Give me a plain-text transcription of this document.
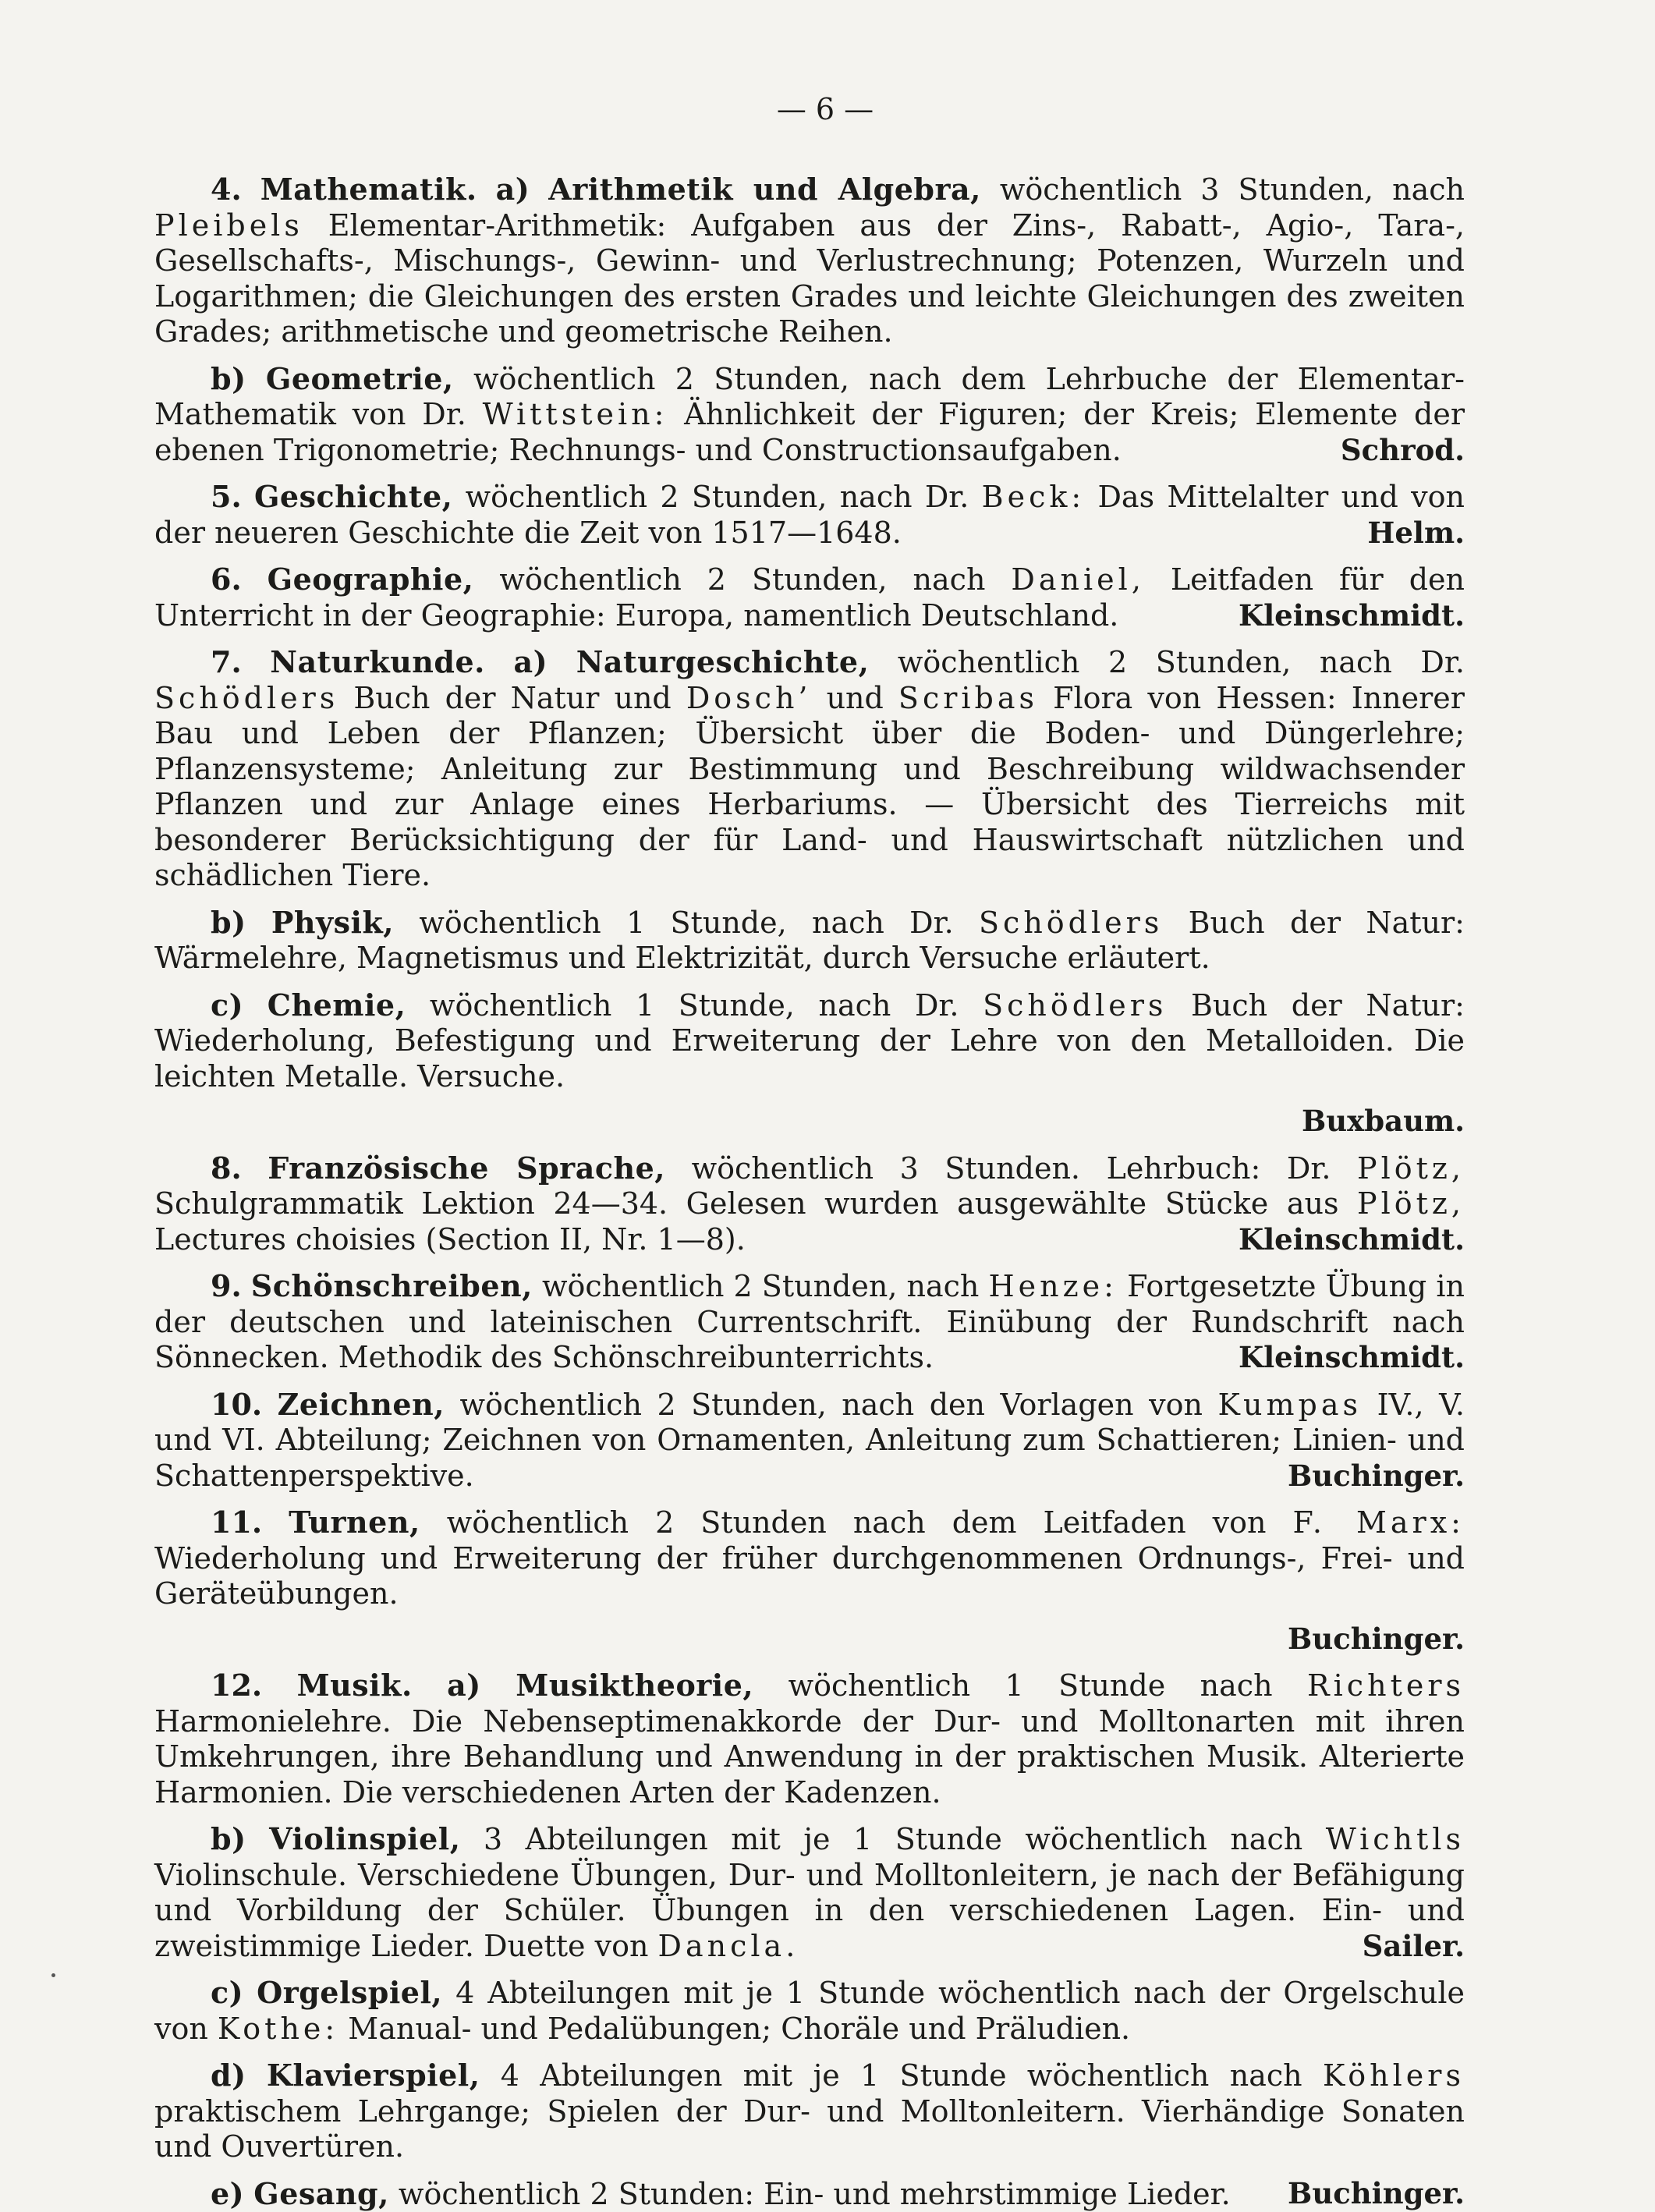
— 6 —

4. Mathematik. a) Arithmetik und Algebra, wöchentlich 3 Stunden, nach Pleibels Elementar-Arithmetik: Aufgaben aus der Zins-, Rabatt-, Agio-, Tara-, Gesellschafts-, Mischungs-, Gewinn- und Verlustrechnung; Potenzen, Wurzeln und Logarithmen; die Gleichungen des ersten Grades und leichte Gleichungen des zweiten Grades; arithmetische und geometrische Reihen.

b) Geometrie, wöchentlich 2 Stunden, nach dem Lehrbuche der Elementar-Mathematik von Dr. Wittstein: Ähnlichkeit der Figuren; der Kreis; Elemente der ebenen Trigonometrie; Rechnungs- und Constructionsaufgaben.	Schrod.

5. Geschichte, wöchentlich 2 Stunden, nach Dr. Beck: Das Mittelalter und von der neueren Geschichte die Zeit von 1517—1648.	Helm.

6. Geographie, wöchentlich 2 Stunden, nach Daniel, Leitfaden für den Unterricht in der Geographie: Europa, namentlich Deutschland.	Kleinschmidt.

7. Naturkunde. a) Naturgeschichte, wöchentlich 2 Stunden, nach Dr. Schödlers Buch der Natur und Dosch’ und Scribas Flora von Hessen: Innerer Bau und Leben der Pflanzen; Übersicht über die Boden- und Düngerlehre; Pflanzensysteme; Anleitung zur Bestimmung und Beschreibung wildwachsender Pflanzen und zur Anlage eines Herbariums. — Übersicht des Tierreichs mit besonderer Berücksichtigung der für Land- und Hauswirtschaft nützlichen und schädlichen Tiere.

b) Physik, wöchentlich 1 Stunde, nach Dr. Schödlers Buch der Natur: Wärmelehre, Magnetismus und Elektrizität, durch Versuche erläutert.

c) Chemie, wöchentlich 1 Stunde, nach Dr. Schödlers Buch der Natur: Wiederholung, Befestigung und Erweiterung der Lehre von den Metalloiden. Die leichten Metalle. Versuche.

Buxbaum.

8. Französische Sprache, wöchentlich 3 Stunden. Lehrbuch: Dr. Plötz, Schulgrammatik Lektion 24—34. Gelesen wurden ausgewählte Stücke aus Plötz, Lectures choisies (Section II, Nr. 1—8).	Kleinschmidt.

9. Schönschreiben, wöchentlich 2 Stunden, nach Henze: Fortgesetzte Übung in der deutschen und lateinischen Currentschrift. Einübung der Rundschrift nach Sönnecken. Methodik des Schönschreibunterrichts.	Kleinschmidt.

10. Zeichnen, wöchentlich 2 Stunden, nach den Vorlagen von Kumpas IV., V. und VI. Abteilung; Zeichnen von Ornamenten, Anleitung zum Schattieren; Linien- und Schattenperspektive.	Buchinger.

11. Turnen, wöchentlich 2 Stunden nach dem Leitfaden von F. Marx: Wiederholung und Erweiterung der früher durchgenommenen Ordnungs-, Frei- und Geräteübungen.

Buchinger.

12. Musik. a) Musiktheorie, wöchentlich 1 Stunde nach Richters Harmonielehre. Die Nebenseptimenakkorde der Dur- und Molltonarten mit ihren Umkehrungen, ihre Behandlung und Anwendung in der praktischen Musik. Alterierte Harmonien. Die verschiedenen Arten der Kadenzen.

b) Violinspiel, 3 Abteilungen mit je 1 Stunde wöchentlich nach Wichtls Violinschule. Verschiedene Übungen, Dur- und Molltonleitern, je nach der Befähigung und Vorbildung der Schüler. Übungen in den verschiedenen Lagen. Ein- und zweistimmige Lieder. Duette von Dancla.	Sailer.

c) Orgelspiel, 4 Abteilungen mit je 1 Stunde wöchentlich nach der Orgelschule von Kothe: Manual- und Pedalübungen; Choräle und Präludien.

d) Klavierspiel, 4 Abteilungen mit je 1 Stunde wöchentlich nach Köhlers praktischem Lehrgange; Spielen der Dur- und Molltonleitern. Vierhändige Sonaten und Ouvertüren.

e) Gesang, wöchentlich 2 Stunden: Ein- und mehrstimmige Lieder.	Buchinger.
